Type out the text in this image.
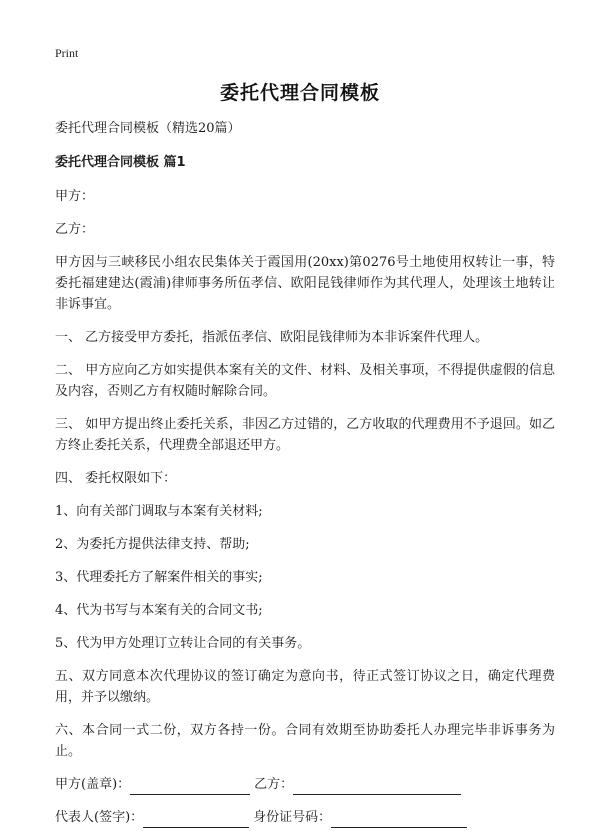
Print
委托代理合同模板
委托代理合同模板（精选20篇）
委托代理合同模板 篇1
甲方：
乙方：
甲方因与三峡移民小组农民集体关于霞国用(20xx)第0276号土地使用权转让一事，特委托福建建达(霞浦)律师事务所伍孝信、欧阳昆钱律师作为其代理人，处理该土地转让非诉事宜。
一、 乙方接受甲方委托，指派伍孝信、欧阳昆钱律师为本非诉案件代理人。
二、 甲方应向乙方如实提供本案有关的文件、材料、及相关事项，不得提供虚假的信息及内容，否则乙方有权随时解除合同。
三、 如甲方提出终止委托关系，非因乙方过错的，乙方收取的代理费用不予退回。如乙方终止委托关系，代理费全部退还甲方。
四、 委托权限如下：
1、向有关部门调取与本案有关材料;
2、为委托方提供法律支持、帮助;
3、代理委托方了解案件相关的事实;
4、代为书写与本案有关的合同文书;
5、代为甲方处理订立转让合同的有关事务。
五、双方同意本次代理协议的签订确定为意向书，待正式签订协议之日，确定代理费用，并予以缴纳。
六、本合同一式二份，双方各持一份。合同有效期至协助委托人办理完毕非诉事务为止。
甲方(盖章)：	乙方：
代表人(签字)：	身份证号码：
